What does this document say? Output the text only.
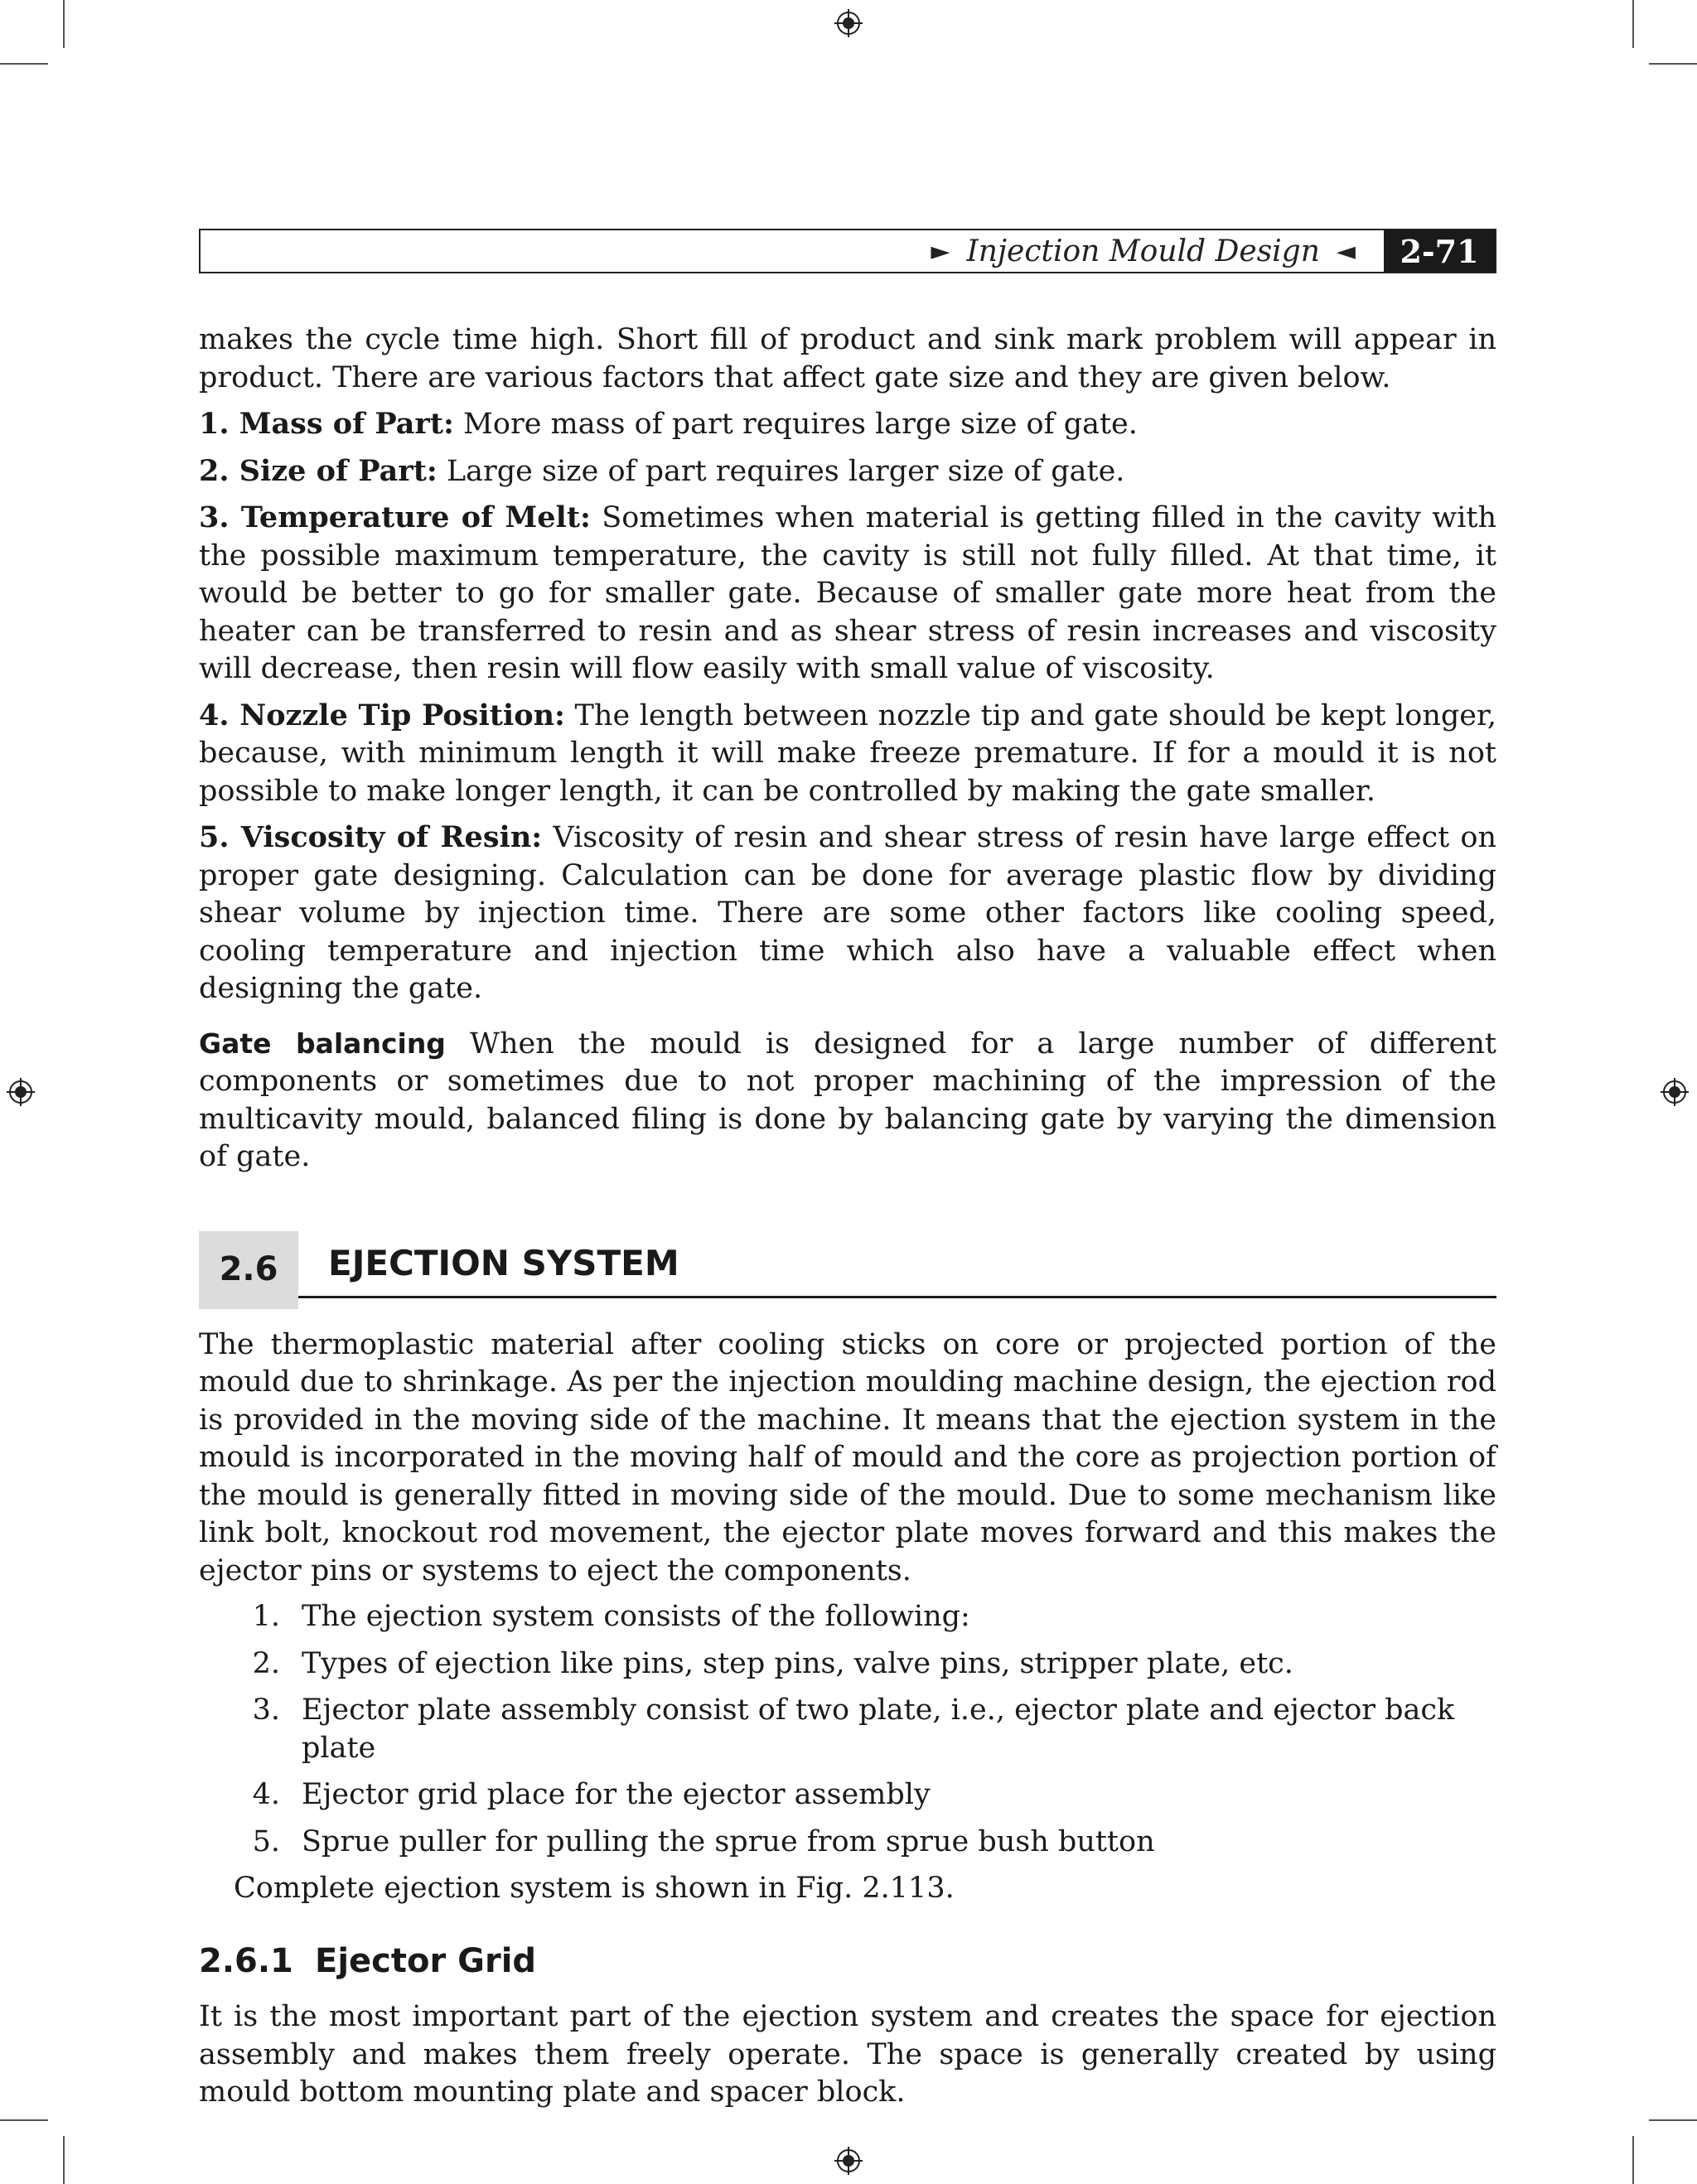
► Injection Mould Design ◄	2-71

makes the cycle time high. Short fill of product and sink mark problem will appear in product. There are various factors that affect gate size and they are given below.

1. Mass of Part: More mass of part requires large size of gate.

2. Size of Part: Large size of part requires larger size of gate.

3. Temperature of Melt: Sometimes when material is getting filled in the cavity with the possible maximum temperature, the cavity is still not fully filled. At that time, it would be better to go for smaller gate. Because of smaller gate more heat from the heater can be transferred to resin and as shear stress of resin increases and viscosity will decrease, then resin will flow easily with small value of viscosity.

4. Nozzle Tip Position: The length between nozzle tip and gate should be kept longer, because, with minimum length it will make freeze premature. If for a mould it is not possible to make longer length, it can be controlled by making the gate smaller.

5. Viscosity of Resin: Viscosity of resin and shear stress of resin have large effect on proper gate designing. Calculation can be done for average plastic flow by dividing shear volume by injection time. There are some other factors like cooling speed, cooling temperature and injection time which also have a valuable effect when designing the gate.

Gate balancing When the mould is designed for a large number of different components or sometimes due to not proper machining of the impression of the multicavity mould, balanced filing is done by balancing gate by varying the dimension of gate.

2.6	EJECTION SYSTEM

The thermoplastic material after cooling sticks on core or projected portion of the mould due to shrinkage. As per the injection moulding machine design, the ejection rod is provided in the moving side of the machine. It means that the ejection system in the mould is incorporated in the moving half of mould and the core as projection portion of the mould is generally fitted in moving side of the mould. Due to some mechanism like link bolt, knockout rod movement, the ejector plate moves forward and this makes the ejector pins or systems to eject the components.

1. The ejection system consists of the following:
2. Types of ejection like pins, step pins, valve pins, stripper plate, etc.
3. Ejector plate assembly consist of two plate, i.e., ejector plate and ejector back plate
4. Ejector grid place for the ejector assembly
5. Sprue puller for pulling the sprue from sprue bush button

Complete ejection system is shown in Fig. 2.113.

2.6.1 Ejector Grid

It is the most important part of the ejection system and creates the space for ejection assembly and makes them freely operate. The space is generally created by using mould bottom mounting plate and spacer block.
